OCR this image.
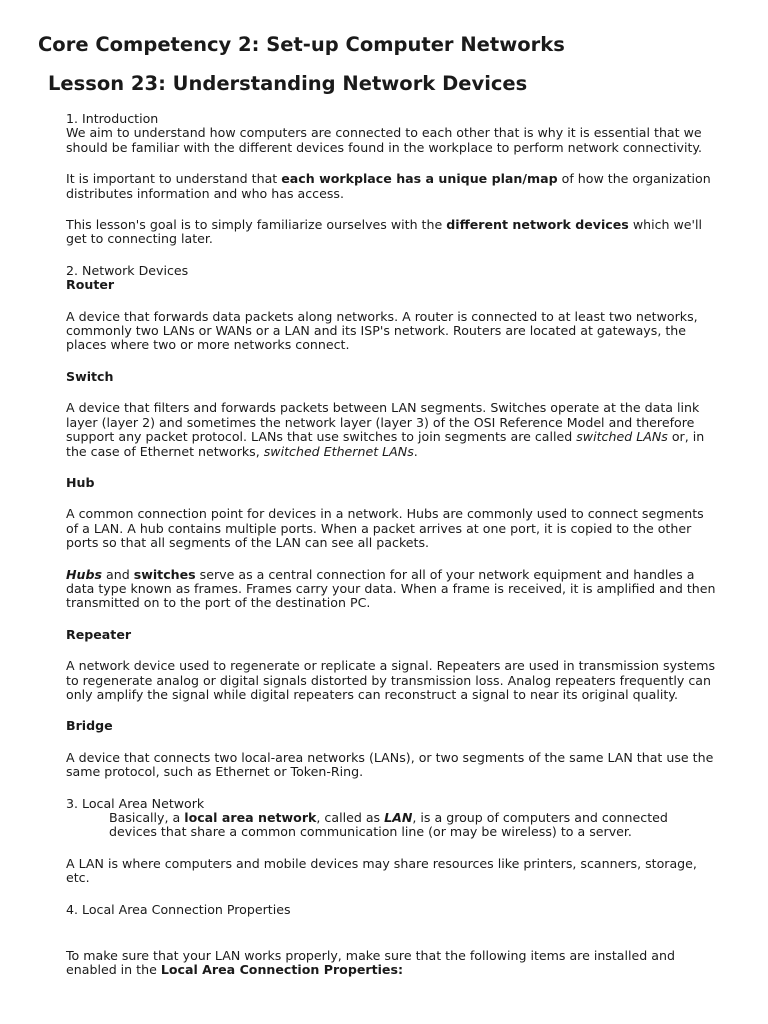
Core Competency 2: Set-up Computer Networks
Lesson 23: Understanding Network Devices

1. Introduction

We aim to understand how computers are connected to each other that is why it is essential that we should be familiar with the different devices found in the workplace to perform network connectivity.

It is important to understand that each workplace has a unique plan/map of how the organization distributes information and who has access.

This lesson's goal is to simply familiarize ourselves with the different network devices which we'll get to connecting later.

2. Network Devices

Router

A device that forwards data packets along networks. A router is connected to at least two networks, commonly two LANs or WANs or a LAN and its ISP's network. Routers are located at gateways, the places where two or more networks connect.

Switch

A device that filters and forwards packets between LAN segments. Switches operate at the data link layer (layer 2) and sometimes the network layer (layer 3) of the OSI Reference Model and therefore support any packet protocol. LANs that use switches to join segments are called switched LANs or, in the case of Ethernet networks, switched Ethernet LANs.

Hub

A common connection point for devices in a network. Hubs are commonly used to connect segments of a LAN. A hub contains multiple ports. When a packet arrives at one port, it is copied to the other ports so that all segments of the LAN can see all packets.

Hubs and switches serve as a central connection for all of your network equipment and handles a data type known as frames. Frames carry your data. When a frame is received, it is amplified and then transmitted on to the port of the destination PC.

Repeater

A network device used to regenerate or replicate a signal. Repeaters are used in transmission systems to regenerate analog or digital signals distorted by transmission loss. Analog repeaters frequently can only amplify the signal while digital repeaters can reconstruct a signal to near its original quality.

Bridge

A device that connects two local-area networks (LANs), or two segments of the same LAN that use the same protocol, such as Ethernet or Token-Ring.

3. Local Area Network

Basically, a local area network, called as LAN, is a group of computers and connected devices that share a common communication line (or may be wireless) to a server.

A LAN is where computers and mobile devices may share resources like printers, scanners, storage, etc.

4. Local Area Connection Properties

To make sure that your LAN works properly, make sure that the following items are installed and enabled in the Local Area Connection Properties:
